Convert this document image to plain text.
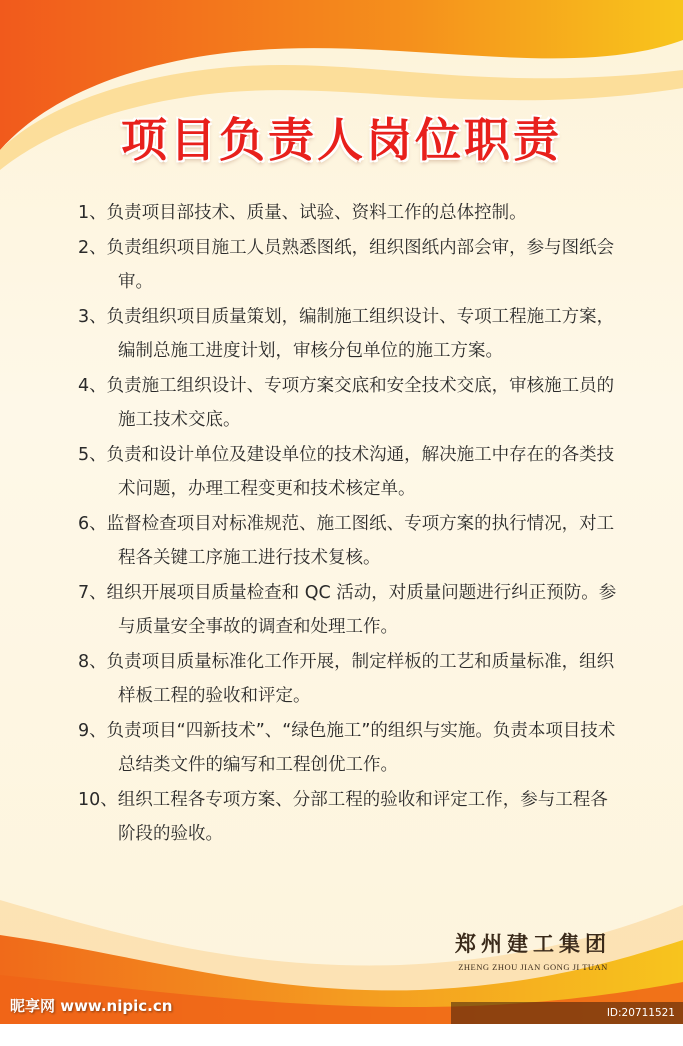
项目负责人岗位职责
1、负责项目部技术、质量、试验、资料工作的总体控制。
2、负责组织项目施工人员熟悉图纸，组织图纸内部会审，参与图纸会审。
3、负责组织项目质量策划，编制施工组织设计、专项工程施工方案，编制总施工进度计划，审核分包单位的施工方案。
4、负责施工组织设计、专项方案交底和安全技术交底，审核施工员的施工技术交底。
5、负责和设计单位及建设单位的技术沟通，解决施工中存在的各类技术问题，办理工程变更和技术核定单。
6、监督检查项目对标准规范、施工图纸、专项方案的执行情况，对工程各关键工序施工进行技术复核。
7、组织开展项目质量检查和 QC 活动，对质量问题进行纠正预防。参与质量安全事故的调查和处理工作。
8、负责项目质量标准化工作开展，制定样板的工艺和质量标准，组织样板工程的验收和评定。
9、负责项目“四新技术”、“绿色施工”的组织与实施。负责本项目技术总结类文件的编写和工程创优工作。
10、组织工程各专项方案、分部工程的验收和评定工作，参与工程各阶段的验收。
郑州建工集团
ZHENG ZHOU JIAN GONG JI TUAN
昵享网 www.nipic.cn	ID:20711521 NO:20220906213007228107
